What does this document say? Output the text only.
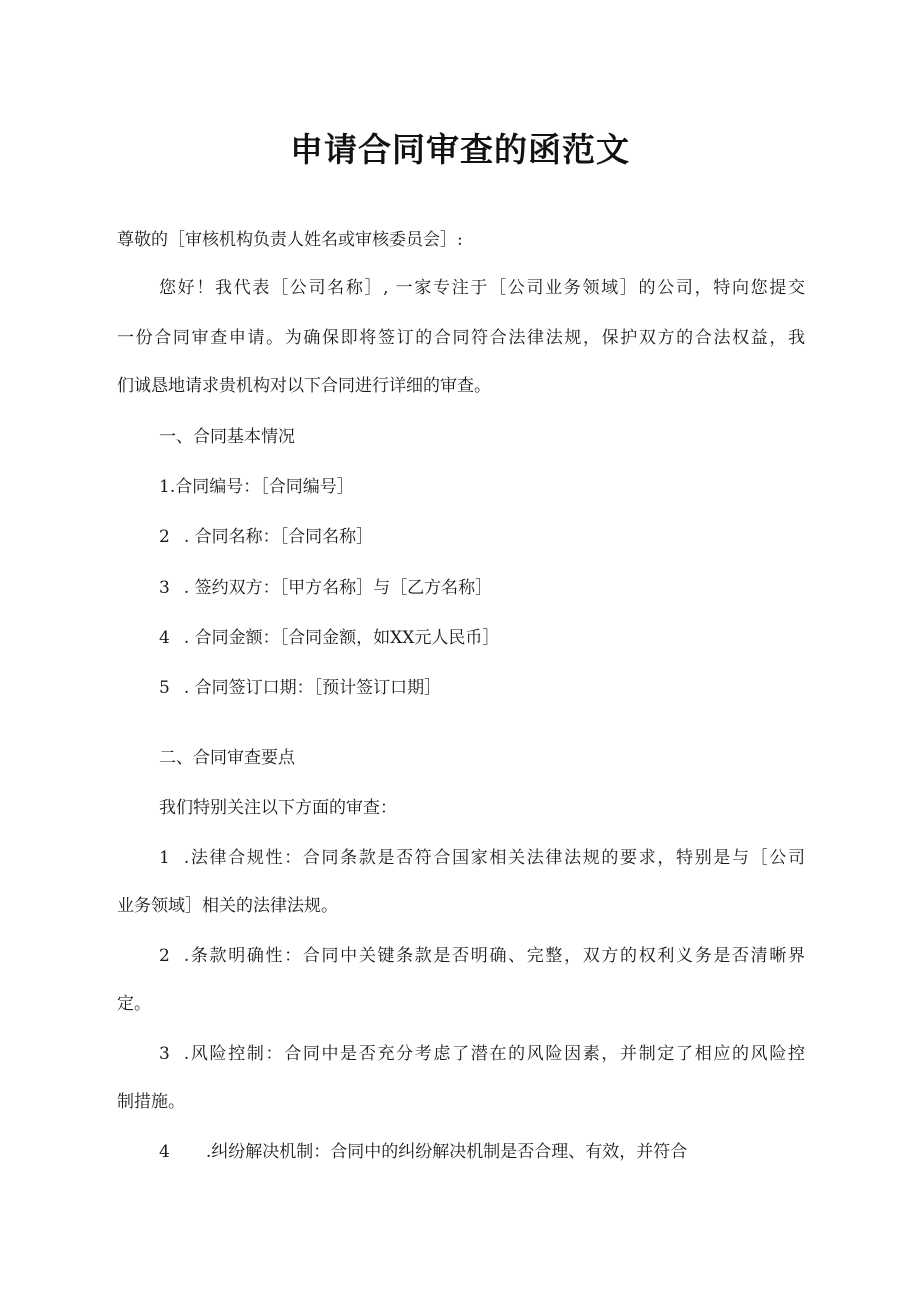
申请合同审查的函范文

尊敬的［审核机构负责人姓名或审核委员会］:

您好！我代表［公司名称］, 一家专注于［公司业务领域］的公司，特向您提交

一份合同审查申请。为确保即将签订的合同符合法律法规，保护双方的合法权益，我

们诚恳地请求贵机构对以下合同进行详细的审查。

一、合同基本情况

1.合同编号：［合同编号］

2 . 合同名称：［合同名称］

3 . 签约双方：［甲方名称］与［乙方名称］

4 . 合同金额：［合同金额，如XX元人民币］

5 . 合同签订口期：［预计签订口期］

二、合同审查要点

我们特别关注以下方面的审查：

1 .法律合规性：合同条款是否符合国家相关法律法规的要求，特别是与［公司

业务领域］相关的法律法规。

2 .条款明确性：合同中关键条款是否明确、完整，双方的权利义务是否清晰界

定。

3 .风险控制：合同中是否充分考虑了潜在的风险因素，并制定了相应的风险控

制措施。

4 .纠纷解决机制：合同中的纠纷解决机制是否合理、有效，并符合
